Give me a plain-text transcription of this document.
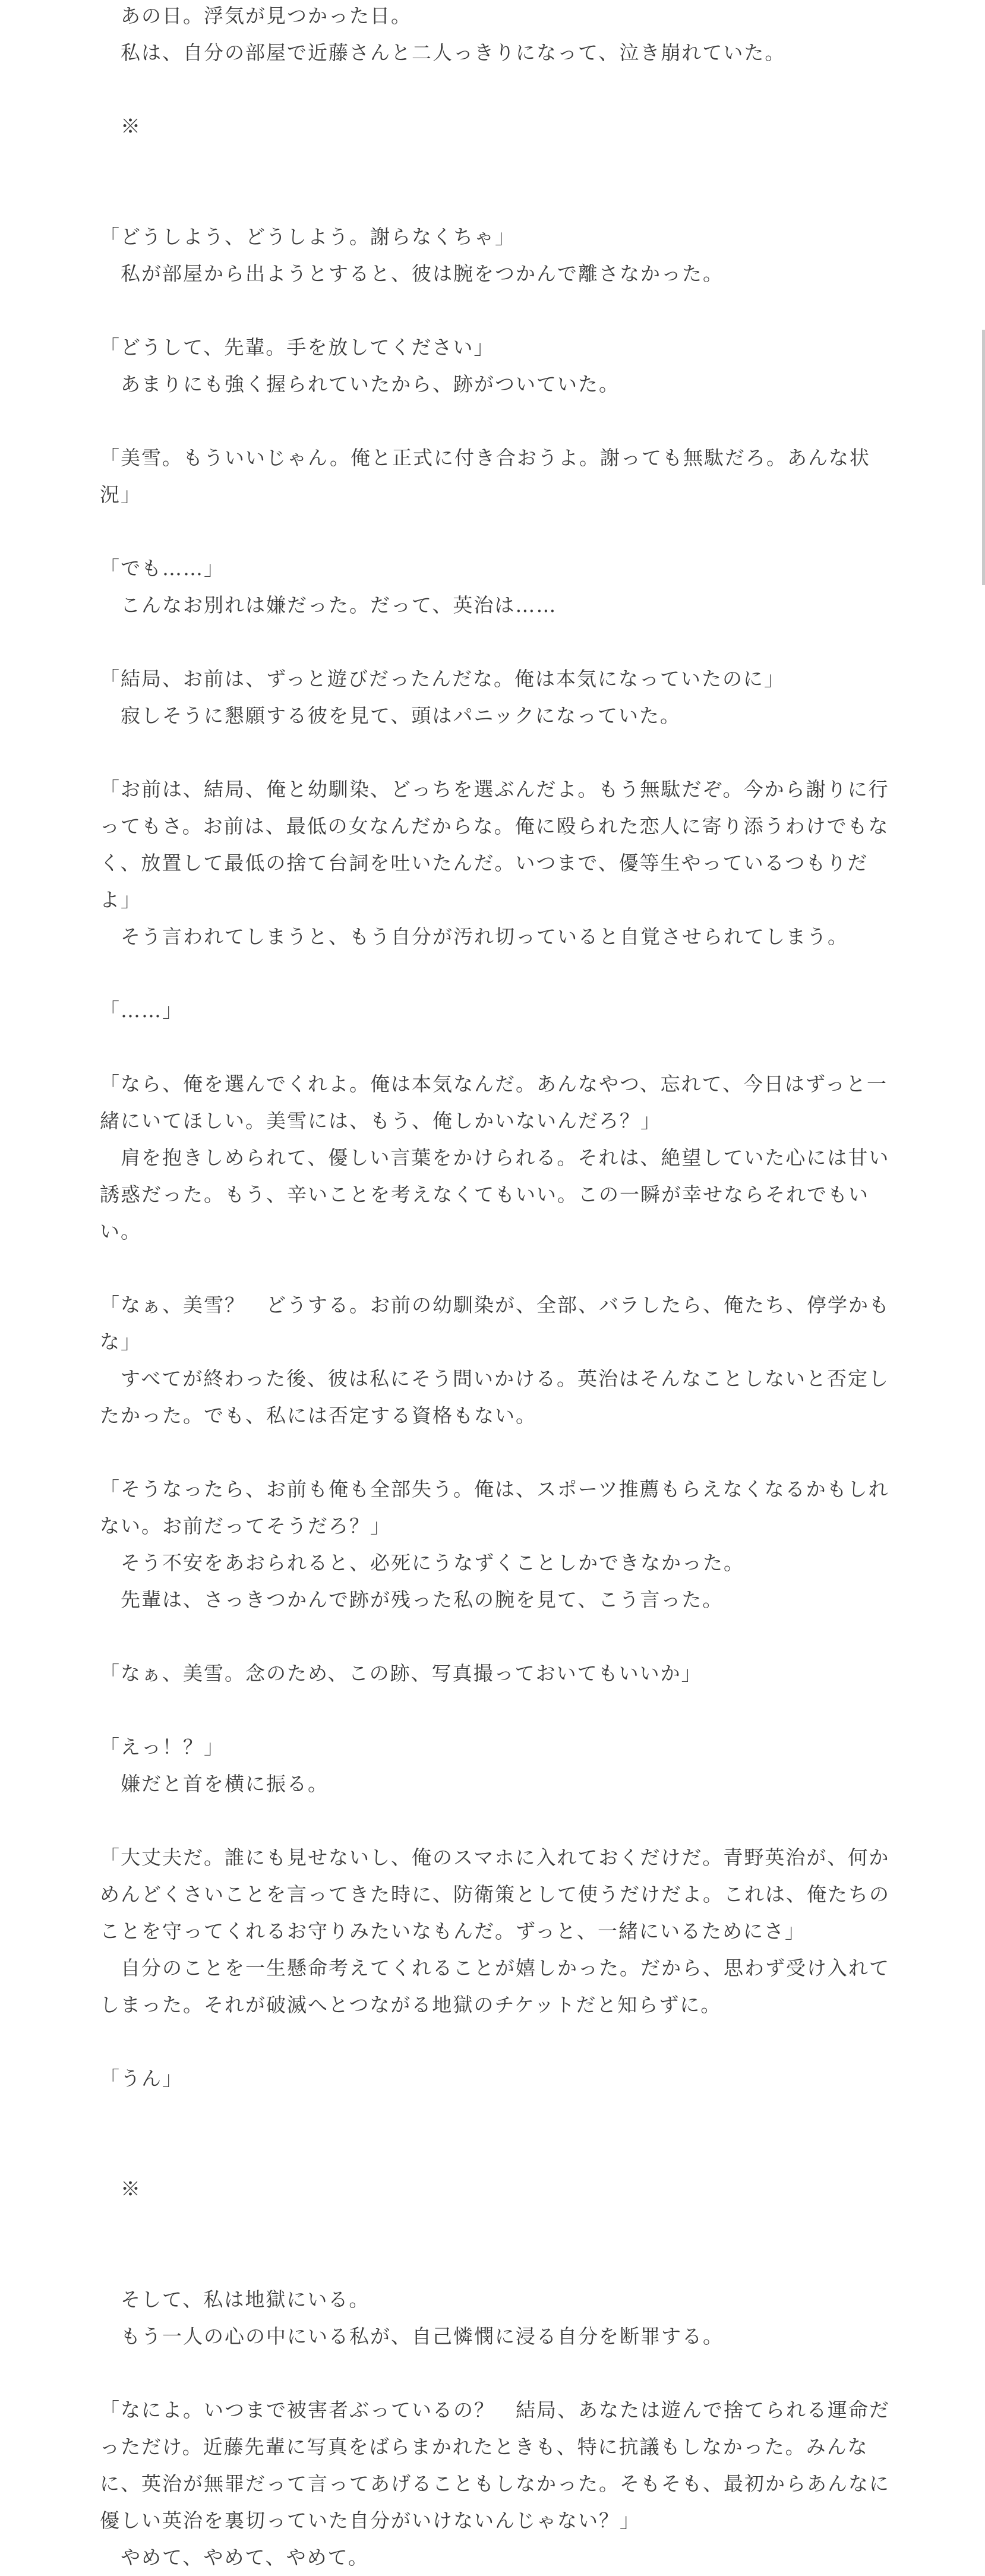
　あの日。浮気が見つかった日。

　私は、自分の部屋で近藤さんと二人っきりになって、泣き崩れていた。

　※

「どうしよう、どうしよう。謝らなくちゃ」

　私が部屋から出ようとすると、彼は腕をつかんで離さなかった。

「どうして、先輩。手を放してください」

　あまりにも強く握られていたから、跡がついていた。

「美雪。もういいじゃん。俺と正式に付き合おうよ。謝っても無駄だろ。あんな状況」

「でも……」

　こんなお別れは嫌だった。だって、英治は……

「結局、お前は、ずっと遊びだったんだな。俺は本気になっていたのに」

　寂しそうに懇願する彼を見て、頭はパニックになっていた。

「お前は、結局、俺と幼馴染、どっちを選ぶんだよ。もう無駄だぞ。今から謝りに行ってもさ。お前は、最低の女なんだからな。俺に殴られた恋人に寄り添うわけでもなく、放置して最低の捨て台詞を吐いたんだ。いつまで、優等生やっているつもりだよ」

　そう言われてしまうと、もう自分が汚れ切っていると自覚させられてしまう。

「……」

「なら、俺を選んでくれよ。俺は本気なんだ。あんなやつ、忘れて、今日はずっと一緒にいてほしい。美雪には、もう、俺しかいないんだろ？」

　肩を抱きしめられて、優しい言葉をかけられる。それは、絶望していた心には甘い誘惑だった。もう、辛いことを考えなくてもいい。この一瞬が幸せならそれでもいい。

「なぁ、美雪？　どうする。お前の幼馴染が、全部、バラしたら、俺たち、停学かもな」

　すべてが終わった後、彼は私にそう問いかける。英治はそんなことしないと否定したかった。でも、私には否定する資格もない。

「そうなったら、お前も俺も全部失う。俺は、スポーツ推薦もらえなくなるかもしれない。お前だってそうだろ？」

　そう不安をあおられると、必死にうなずくことしかできなかった。

　先輩は、さっきつかんで跡が残った私の腕を見て、こう言った。

「なぁ、美雪。念のため、この跡、写真撮っておいてもいいか」

「えっ！？」

　嫌だと首を横に振る。

「大丈夫だ。誰にも見せないし、俺のスマホに入れておくだけだ。青野英治が、何かめんどくさいことを言ってきた時に、防衛策として使うだけだよ。これは、俺たちのことを守ってくれるお守りみたいなもんだ。ずっと、一緒にいるためにさ」

　自分のことを一生懸命考えてくれることが嬉しかった。だから、思わず受け入れてしまった。それが破滅へとつながる地獄のチケットだと知らずに。

「うん」

　※

　そして、私は地獄にいる。

　もう一人の心の中にいる私が、自己憐憫に浸る自分を断罪する。

「なによ。いつまで被害者ぶっているの？　結局、あなたは遊んで捨てられる運命だっただけ。近藤先輩に写真をばらまかれたときも、特に抗議もしなかった。みんなに、英治が無罪だって言ってあげることもしなかった。そもそも、最初からあんなに優しい英治を裏切っていた自分がいけないんじゃない？」

　やめて、やめて、やめて。
